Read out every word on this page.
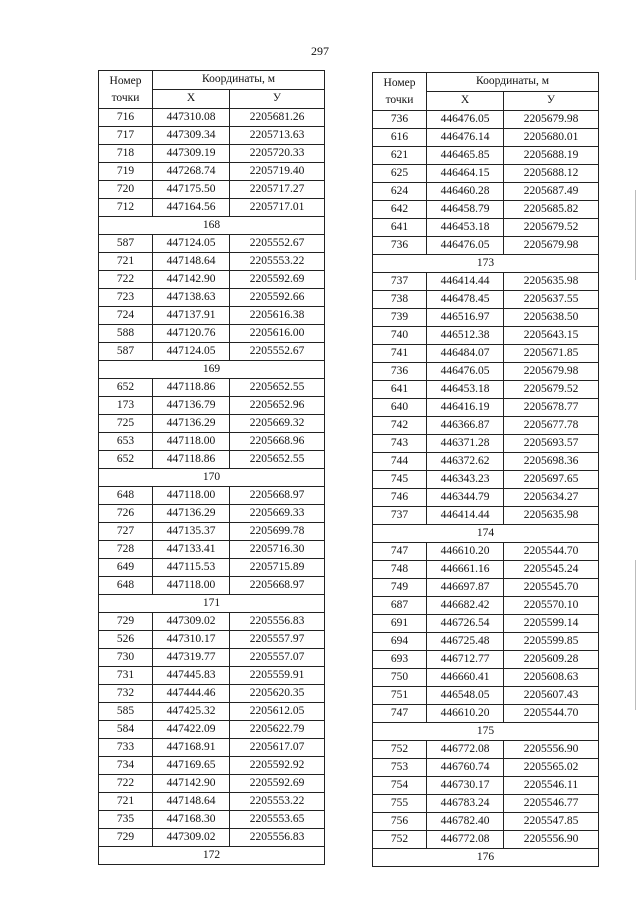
297
Номер точки	Координаты, м	
	X	У
716	447310.08	2205681.26
717	447309.34	2205713.63
718	447309.19	2205720.33
719	447268.74	2205719.40
720	447175.50	2205717.27
712	447164.56	2205717.01
168		
587	447124.05	2205552.67
721	447148.64	2205553.22
722	447142.90	2205592.69
723	447138.63	2205592.66
724	447137.91	2205616.38
588	447120.76	2205616.00
587	447124.05	2205552.67
169		
652	447118.86	2205652.55
173	447136.79	2205652.96
725	447136.29	2205669.32
653	447118.00	2205668.96
652	447118.86	2205652.55
170		
648	447118.00	2205668.97
726	447136.29	2205669.33
727	447135.37	2205699.78
728	447133.41	2205716.30
649	447115.53	2205715.89
648	447118.00	2205668.97
171		
729	447309.02	2205556.83
526	447310.17	2205557.97
730	447319.77	2205557.07
731	447445.83	2205559.91
732	447444.46	2205620.35
585	447425.32	2205612.05
584	447422.09	2205622.79
733	447168.91	2205617.07
734	447169.65	2205592.92
722	447142.90	2205592.69
721	447148.64	2205553.22
735	447168.30	2205553.65
729	447309.02	2205556.83
172		
Номер точки	Координаты, м	
	X	У
736	446476.05	2205679.98
616	446476.14	2205680.01
621	446465.85	2205688.19
625	446464.15	2205688.12
624	446460.28	2205687.49
642	446458.79	2205685.82
641	446453.18	2205679.52
736	446476.05	2205679.98
173		
737	446414.44	2205635.98
738	446478.45	2205637.55
739	446516.97	2205638.50
740	446512.38	2205643.15
741	446484.07	2205671.85
736	446476.05	2205679.98
641	446453.18	2205679.52
640	446416.19	2205678.77
742	446366.87	2205677.78
743	446371.28	2205693.57
744	446372.62	2205698.36
745	446343.23	2205697.65
746	446344.79	2205634.27
737	446414.44	2205635.98
174		
747	446610.20	2205544.70
748	446661.16	2205545.24
749	446697.87	2205545.70
687	446682.42	2205570.10
691	446726.54	2205599.14
694	446725.48	2205599.85
693	446712.77	2205609.28
750	446660.41	2205608.63
751	446548.05	2205607.43
747	446610.20	2205544.70
175		
752	446772.08	2205556.90
753	446760.74	2205565.02
754	446730.17	2205546.11
755	446783.24	2205546.77
756	446782.40	2205547.85
752	446772.08	2205556.90
176		
